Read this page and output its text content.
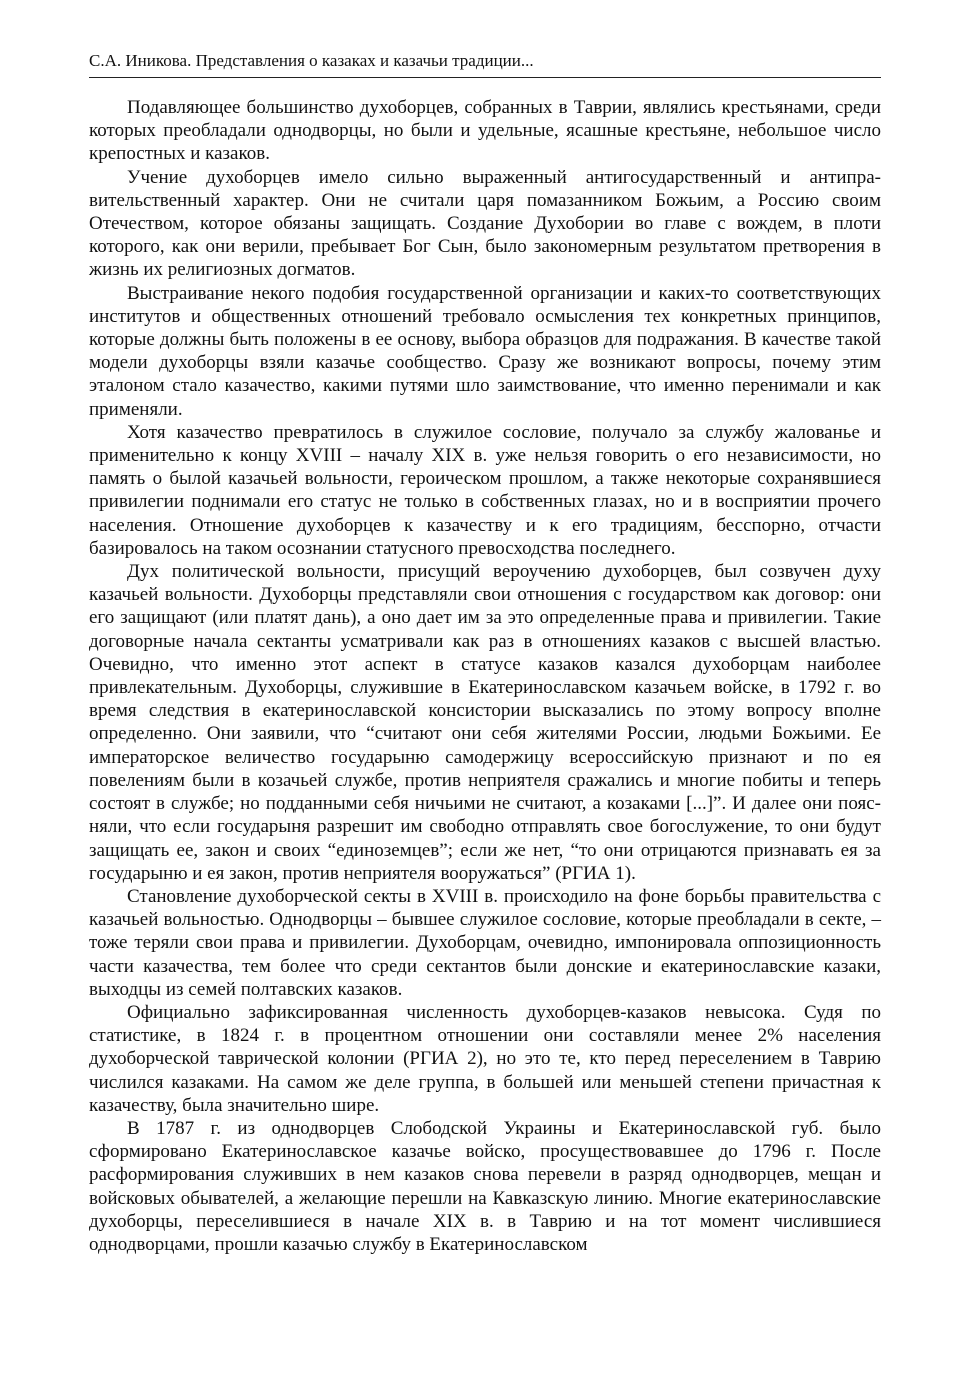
С.А. Иникова. Представления о казаках и казачьи традиции...

Подавляющее большинство духоборцев, собранных в Таврии, являлись крестьянами, среди которых преобладали однодворцы, но были и удельные, ясашные крестьяне, небольшое число крепостных и казаков.

Учение духоборцев имело сильно выраженный антигосударственный и антиправительственный характер. Они не считали царя помазанником Божьим, а Россию своим Отечеством, которое обязаны защищать. Создание Духобории во главе с вождем, в плоти которого, как они верили, пребывает Бог Сын, было закономерным результатом претворения в жизнь их религиозных догматов.

Выстраивание некого подобия государственной организации и каких-то соответствующих институтов и общественных отношений требовало осмысления тех конкретных принципов, которые должны быть положены в ее основу, выбора образцов для подражания. В качестве такой модели духоборцы взяли казачье сообщество. Сразу же возникают вопросы, почему этим эталоном стало казачество, какими путями шло заимствование, что именно перенимали и как применяли.

Хотя казачество превратилось в служилое сословие, получало за службу жалованье и применительно к концу XVIII – началу XIX в. уже нельзя говорить о его независимости, но память о былой казачьей вольности, героическом прошлом, а также некоторые сохранявшиеся привилегии поднимали его статус не только в собственных глазах, но и в восприятии прочего населения. Отношение духоборцев к казачеству и к его традициям, бесспорно, отчасти базировалось на таком осознании статусного превосходства последнего.

Дух политической вольности, присущий вероучению духоборцев, был созвучен духу казачьей вольности. Духоборцы представляли свои отношения с государством как договор: они его защищают (или платят дань), а оно дает им за это определенные права и привилегии. Такие договорные начала сектанты усматривали как раз в отношениях казаков с высшей властью. Очевидно, что именно этот аспект в статусе казаков казался духоборцам наиболее привлекательным. Духоборцы, служившие в Екатеринославском казачьем войске, в 1792 г. во время следствия в екатеринославской консистории высказались по этому вопросу вполне определенно. Они заявили, что “считают они себя жителями России, людьми Божьими. Ее императорское величество государыню самодержицу всероссийскую признают и по ея повелениям были в козачьей службе, против неприятеля сражались и многие побиты и теперь состоят в службе; но подданными себя ничьими не считают, а козаками [...]”. И далее они поясняли, что если государыня разрешит им свободно отправлять свое богослужение, то они будут защищать ее, закон и своих “единоземцев”; если же нет, “то они отрицаются признавать ея за государыню и ея закон, против неприятеля вооружаться” (РГИА 1).

Становление духоборческой секты в XVIII в. происходило на фоне борьбы правительства с казачьей вольностью. Однодворцы – бывшее служилое сословие, которые преобладали в секте, – тоже теряли свои права и привилегии. Духоборцам, очевидно, импонировала оппозиционность части казачества, тем более что среди сектантов были донские и екатеринославские казаки, выходцы из семей полтавских казаков.

Официально зафиксированная численность духоборцев-казаков невысока. Судя по статистике, в 1824 г. в процентном отношении они составляли менее 2% населения духоборческой таврической колонии (РГИА 2), но это те, кто перед переселением в Таврию числился казаками. На самом же деле группа, в большей или меньшей степени причастная к казачеству, была значительно шире.

В 1787 г. из однодворцев Слободской Украины и Екатеринославской губ. было сформировано Екатеринославское казачье войско, просуществовавшее до 1796 г. После расформирования служивших в нем казаков снова перевели в разряд однодворцев, мещан и войсковых обывателей, а желающие перешли на Кавказскую линию. Многие екатеринославские духоборцы, переселившиеся в начале XIX в. в Таврию и на тот момент числившиеся однодворцами, прошли казачью службу в Екатеринославском
